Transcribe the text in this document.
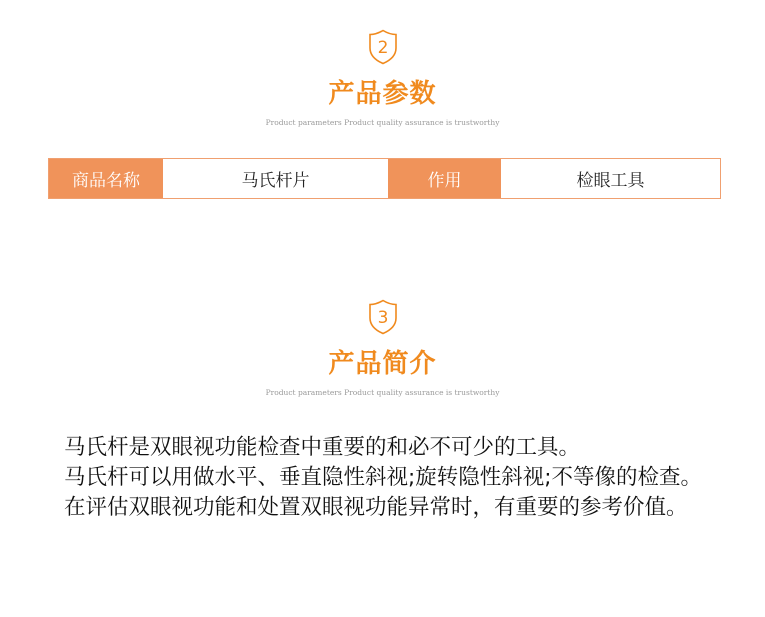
2
产品参数
Product parameters Product quality assurance is trustworthy
商品名称	马氏杆片	作用	检眼工具
3
产品简介
Product parameters Product quality assurance is trustworthy

马氏杆是双眼视功能检查中重要的和必不可少的工具。

马氏杆可以用做水平、垂直隐性斜视;旋转隐性斜视;不等像的检查。

在评估双眼视功能和处置双眼视功能异常时，有重要的参考价值。
